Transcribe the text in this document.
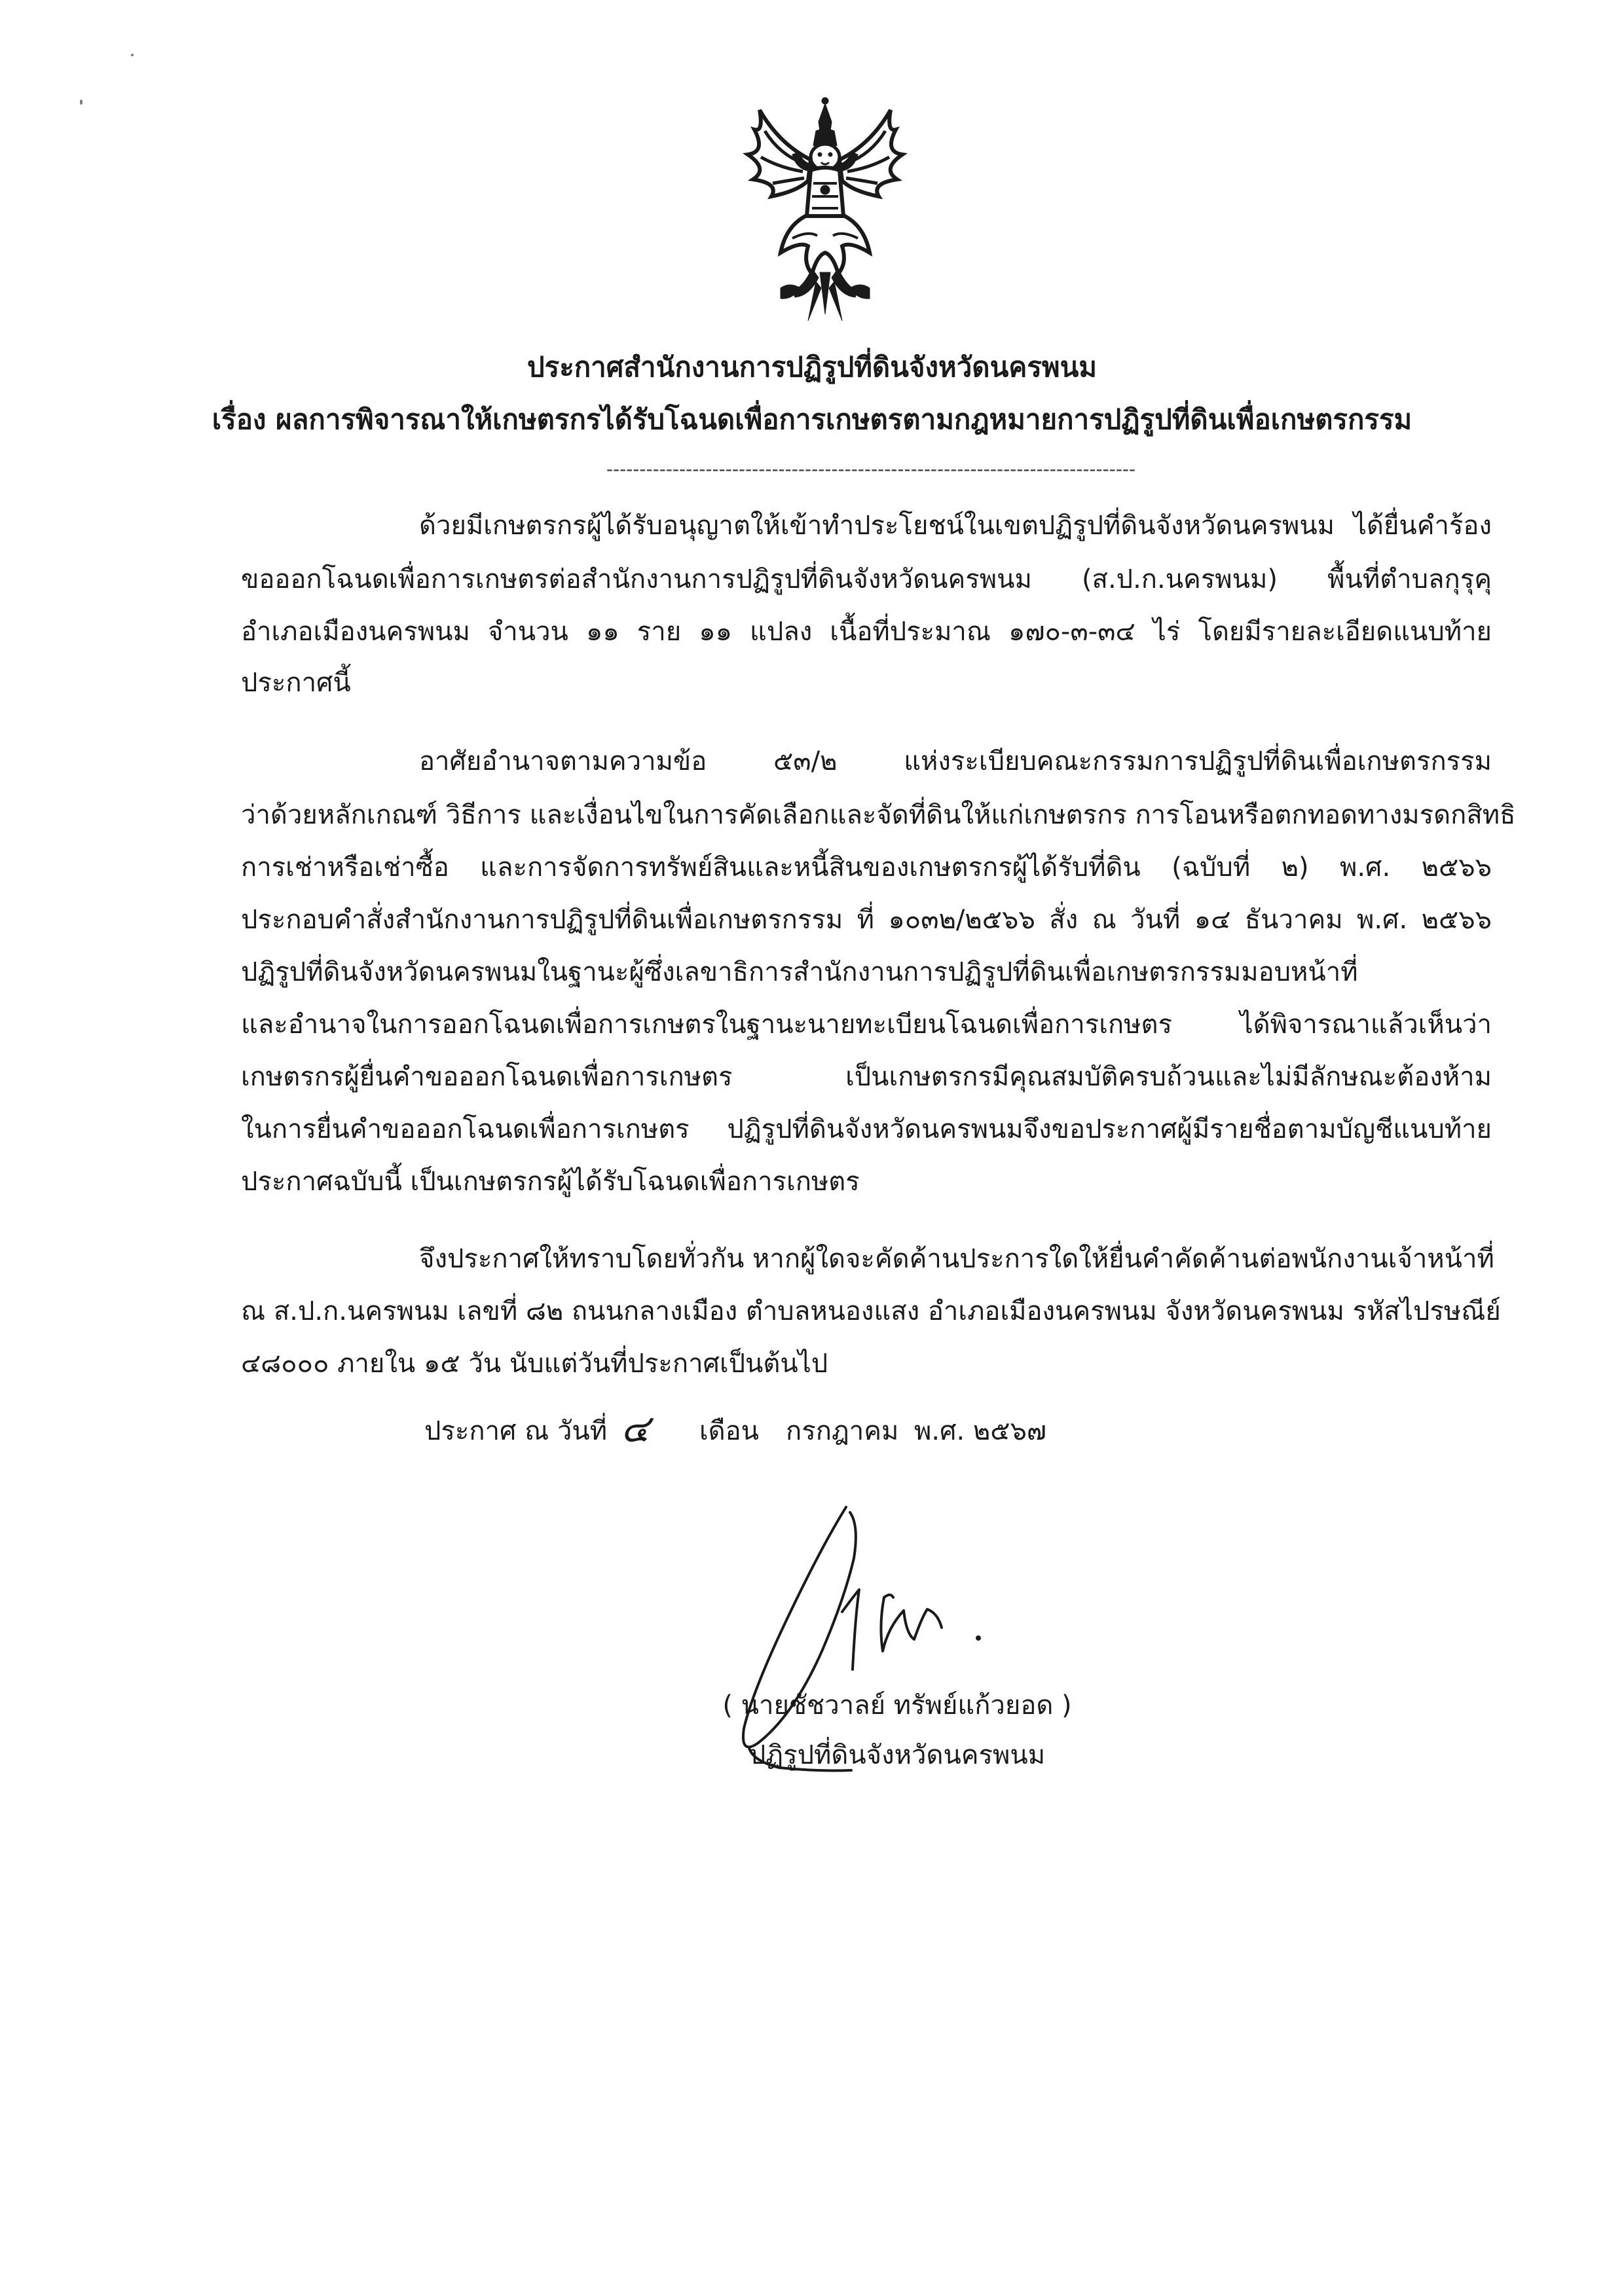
ประกาศสำนักงานการปฏิรูปที่ดินจังหวัดนครพนม
เรื่อง ผลการพิจารณาให้เกษตรกรได้รับโฉนดเพื่อการเกษตรตามกฎหมายการปฏิรูปที่ดินเพื่อเกษตรกรรม
--------------------------------------------------------------------------------
ด้วยมีเกษตรกรผู้ได้รับอนุญาตให้เข้าทำประโยชน์ในเขตปฏิรูปที่ดินจังหวัดนครพนม ได้ยื่นคำร้อง
ขอออกโฉนดเพื่อการเกษตรต่อสำนักงานการปฏิรูปที่ดินจังหวัดนครพนม (ส.ป.ก.นครพนม) พื้นที่ตำบลกุรุคุ
อำเภอเมืองนครพนม จำนวน ๑๑ ราย ๑๑ แปลง เนื้อที่ประมาณ ๑๗๐-๓-๓๔ ไร่ โดยมีรายละเอียดแนบท้าย
ประกาศนี้
อาศัยอำนาจตามความข้อ ๕๓/๒ แห่งระเบียบคณะกรรมการปฏิรูปที่ดินเพื่อเกษตรกรรม
ว่าด้วยหลักเกณฑ์ วิธีการ และเงื่อนไขในการคัดเลือกและจัดที่ดินให้แก่เกษตรกร การโอนหรือตกทอดทางมรดกสิทธิ
การเช่าหรือเช่าซื้อ และการจัดการทรัพย์สินและหนี้สินของเกษตรกรผู้ได้รับที่ดิน (ฉบับที่ ๒) พ.ศ. ๒๕๖๖
ประกอบคำสั่งสำนักงานการปฏิรูปที่ดินเพื่อเกษตรกรรม ที่ ๑๐๓๒/๒๕๖๖ สั่ง ณ วันที่ ๑๔ ธันวาคม พ.ศ. ๒๕๖๖
ปฏิรูปที่ดินจังหวัดนครพนมในฐานะผู้ซึ่งเลขาธิการสำนักงานการปฏิรูปที่ดินเพื่อเกษตรกรรมมอบหน้าที่
และอำนาจในการออกโฉนดเพื่อการเกษตรในฐานะนายทะเบียนโฉนดเพื่อการเกษตร ได้พิจารณาแล้วเห็นว่า
เกษตรกรผู้ยื่นคำขอออกโฉนดเพื่อการเกษตร เป็นเกษตรกรมีคุณสมบัติครบถ้วนและไม่มีลักษณะต้องห้าม
ในการยื่นคำขอออกโฉนดเพื่อการเกษตร ปฏิรูปที่ดินจังหวัดนครพนมจึงขอประกาศผู้มีรายชื่อตามบัญชีแนบท้าย
ประกาศฉบับนี้ เป็นเกษตรกรผู้ได้รับโฉนดเพื่อการเกษตร
จึงประกาศให้ทราบโดยทั่วกัน หากผู้ใดจะคัดค้านประการใดให้ยื่นคำคัดค้านต่อพนักงานเจ้าหน้าที่
ณ ส.ป.ก.นครพนม เลขที่ ๘๒ ถนนกลางเมือง ตำบลหนองแสง อำเภอเมืองนครพนม จังหวัดนครพนม รหัสไปรษณีย์
๔๘๐๐๐ ภายใน ๑๕ วัน นับแต่วันที่ประกาศเป็นต้นไป
ประกาศ ณ วันที่ ๔ เดือน กรกฎาคม พ.ศ. ๒๕๖๗
( นายชัชวาลย์ ทรัพย์แก้วยอด )
ปฏิรูปที่ดินจังหวัดนครพนม
